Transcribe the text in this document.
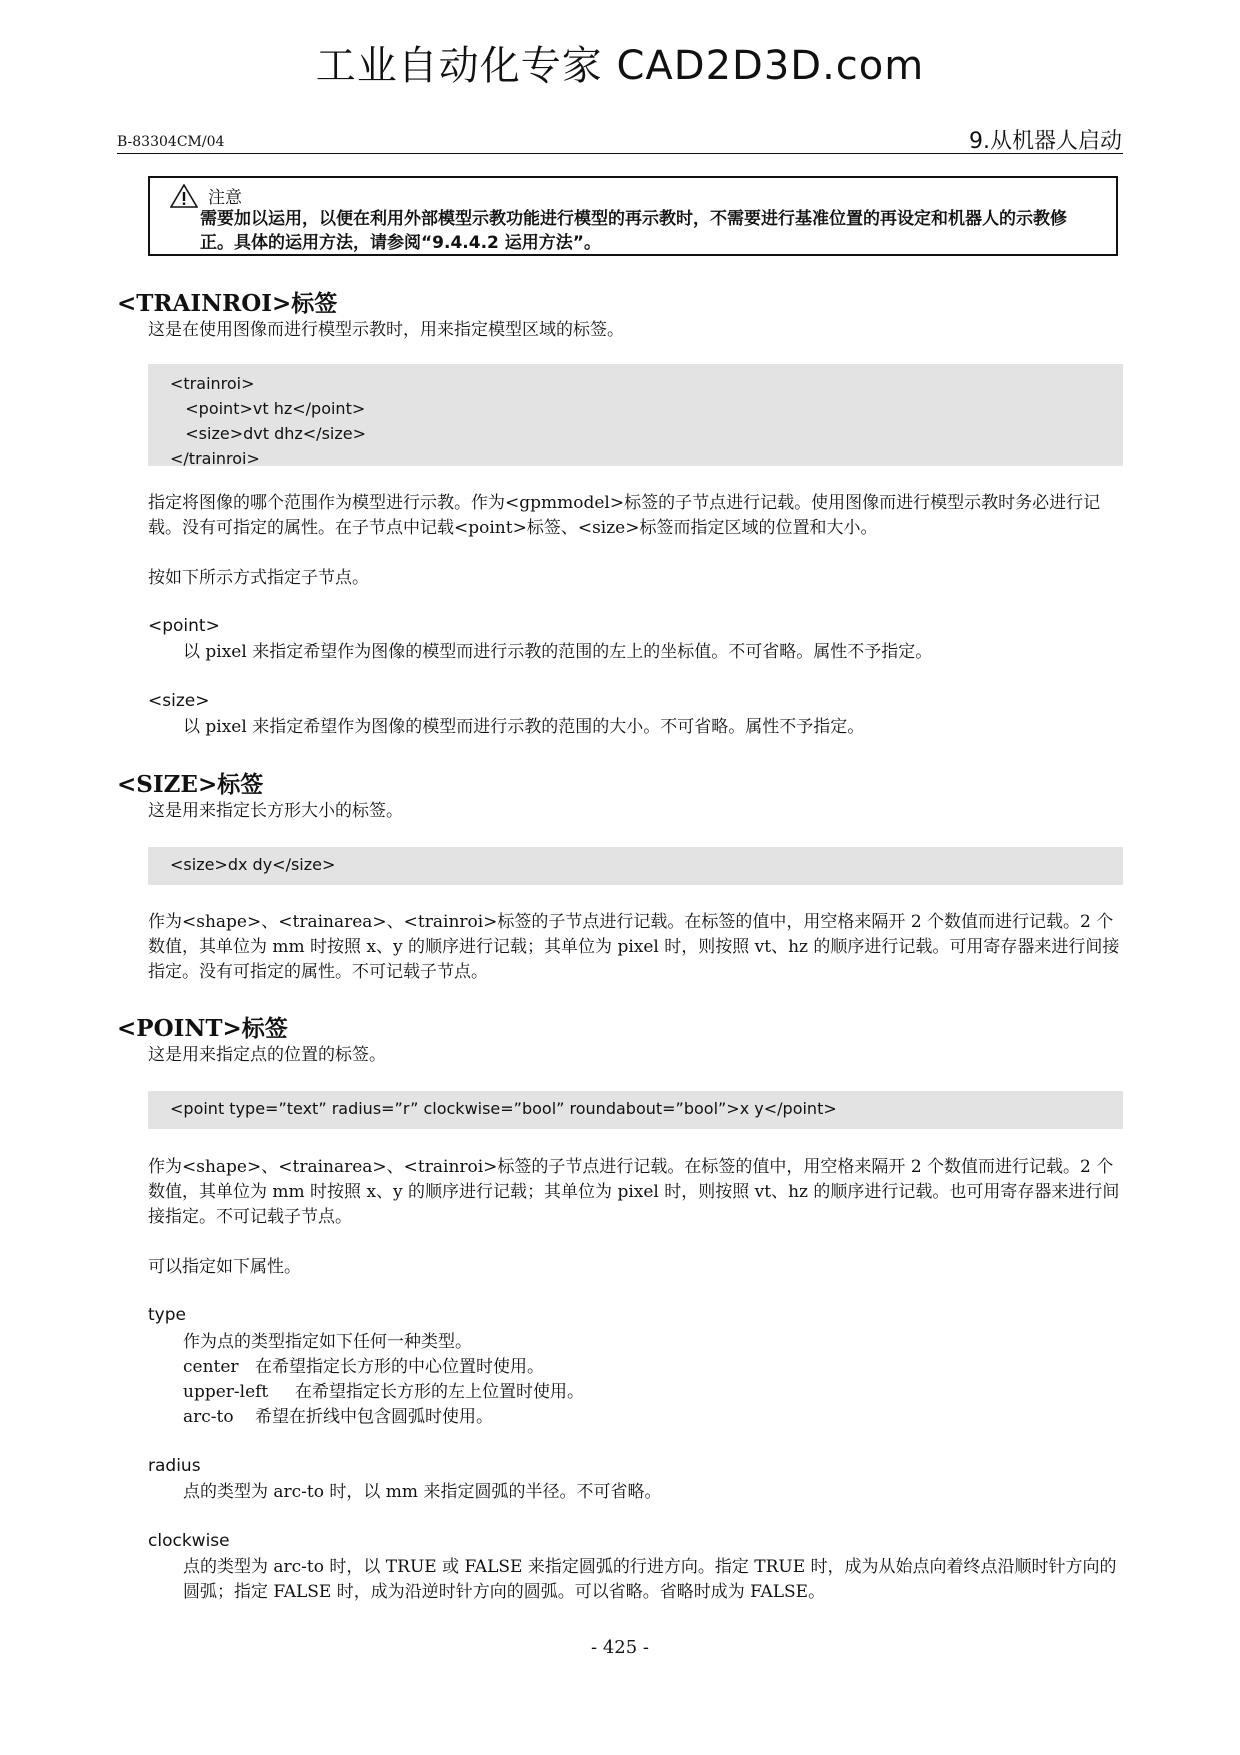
工业自动化专家 CAD2D3D.com
B-83304CM/04	9.从机器人启动
注意
需要加以运用，以便在利用外部模型示教功能进行模型的再示教时，不需要进行基准位置的再设定和机器人的示教修正。具体的运用方法，请参阅“9.4.4.2 运用方法”。
<TRAINROI>标签
这是在使用图像而进行模型示教时，用来指定模型区域的标签。
<trainroi>
<point>vt hz</point>
<size>dvt dhz</size>
</trainroi>
指定将图像的哪个范围作为模型进行示教。作为<gpmmodel>标签的子节点进行记载。使用图像而进行模型示教时务必进行记载。没有可指定的属性。在子节点中记载<point>标签、<size>标签而指定区域的位置和大小。
按如下所示方式指定子节点。
<point>
以 pixel 来指定希望作为图像的模型而进行示教的范围的左上的坐标值。不可省略。属性不予指定。
<size>
以 pixel 来指定希望作为图像的模型而进行示教的范围的大小。不可省略。属性不予指定。
<SIZE>标签
这是用来指定长方形大小的标签。
<size>dx dy</size>
作为<shape>、<trainarea>、<trainroi>标签的子节点进行记载。在标签的值中，用空格来隔开 2 个数值而进行记载。2 个数值，其单位为 mm 时按照 x、y 的顺序进行记载；其单位为 pixel 时，则按照 vt、hz 的顺序进行记载。可用寄存器来进行间接指定。没有可指定的属性。不可记载子节点。
<POINT>标签
这是用来指定点的位置的标签。
<point type=”text” radius=”r” clockwise=”bool” roundabout=”bool”>x y</point>
作为<shape>、<trainarea>、<trainroi>标签的子节点进行记载。在标签的值中，用空格来隔开 2 个数值而进行记载。2 个数值，其单位为 mm 时按照 x、y 的顺序进行记载；其单位为 pixel 时，则按照 vt、hz 的顺序进行记载。也可用寄存器来进行间接指定。不可记载子节点。
可以指定如下属性。
type
作为点的类型指定如下任何一种类型。
center 在希望指定长方形的中心位置时使用。
upper-left 在希望指定长方形的左上位置时使用。
arc-to 希望在折线中包含圆弧时使用。
radius
点的类型为 arc-to 时，以 mm 来指定圆弧的半径。不可省略。
clockwise
点的类型为 arc-to 时，以 TRUE 或 FALSE 来指定圆弧的行进方向。指定 TRUE 时，成为从始点向着终点沿顺时针方向的圆弧；指定 FALSE 时，成为沿逆时针方向的圆弧。可以省略。省略时成为 FALSE。
- 425 -
